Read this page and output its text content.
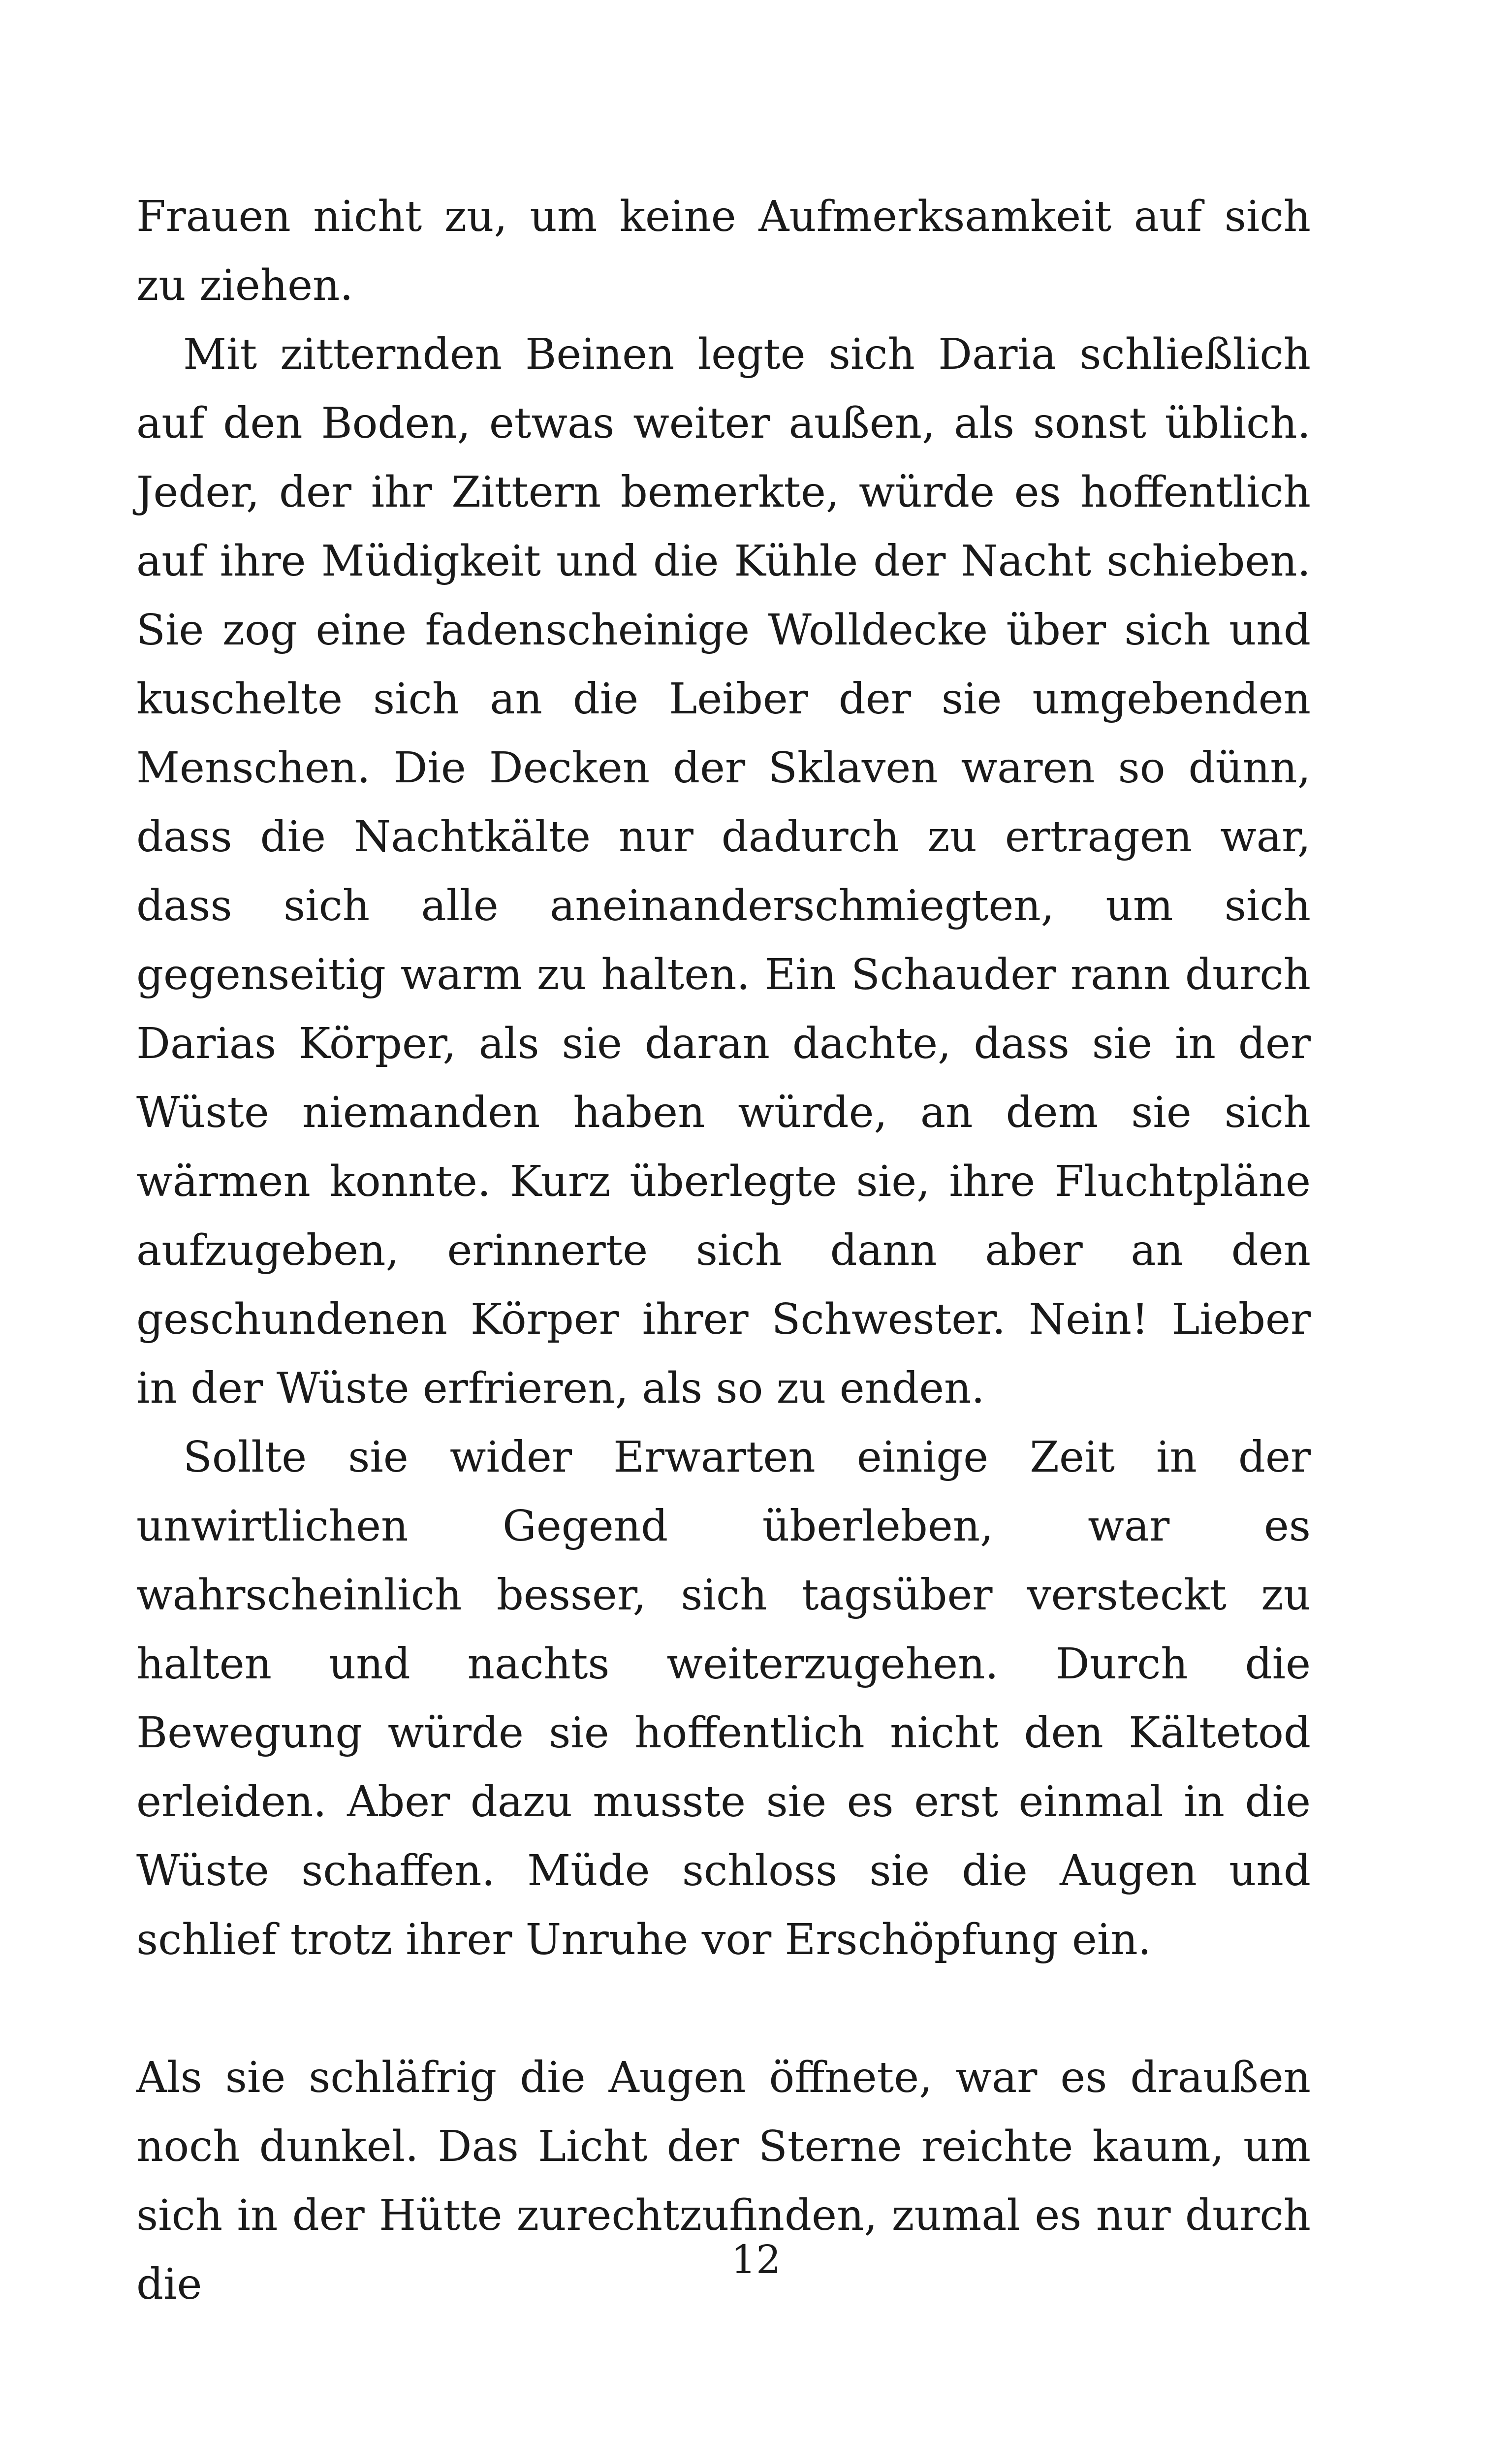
Frauen nicht zu, um keine Aufmerksamkeit auf sich zu ziehen.

Mit zitternden Beinen legte sich Daria schließlich auf den Boden, etwas weiter außen, als sonst üblich. Jeder, der ihr Zittern bemerkte, würde es hoffentlich auf ihre Müdigkeit und die Kühle der Nacht schieben. Sie zog eine fadenscheinige Wolldecke über sich und kuschelte sich an die Leiber der sie umgebenden Menschen. Die Decken der Sklaven waren so dünn, dass die Nachtkälte nur dadurch zu ertragen war, dass sich alle aneinanderschmiegten, um sich gegenseitig warm zu halten. Ein Schauder rann durch Darias Körper, als sie daran dachte, dass sie in der Wüste niemanden haben würde, an dem sie sich wärmen konnte. Kurz überlegte sie, ihre Fluchtpläne aufzugeben, erinnerte sich dann aber an den geschundenen Körper ihrer Schwester. Nein! Lieber in der Wüste erfrieren, als so zu enden.

Sollte sie wider Erwarten einige Zeit in der unwirtlichen Gegend überleben, war es wahrscheinlich besser, sich tagsüber versteckt zu halten und nachts weiterzugehen. Durch die Bewegung würde sie hoffentlich nicht den Kältetod erleiden. Aber dazu musste sie es erst einmal in die Wüste schaffen. Müde schloss sie die Augen und schlief trotz ihrer Unruhe vor Erschöpfung ein.

Als sie schläfrig die Augen öffnete, war es draußen noch dunkel. Das Licht der Sterne reichte kaum, um sich in der Hütte zurechtzufinden, zumal es nur durch die

12
